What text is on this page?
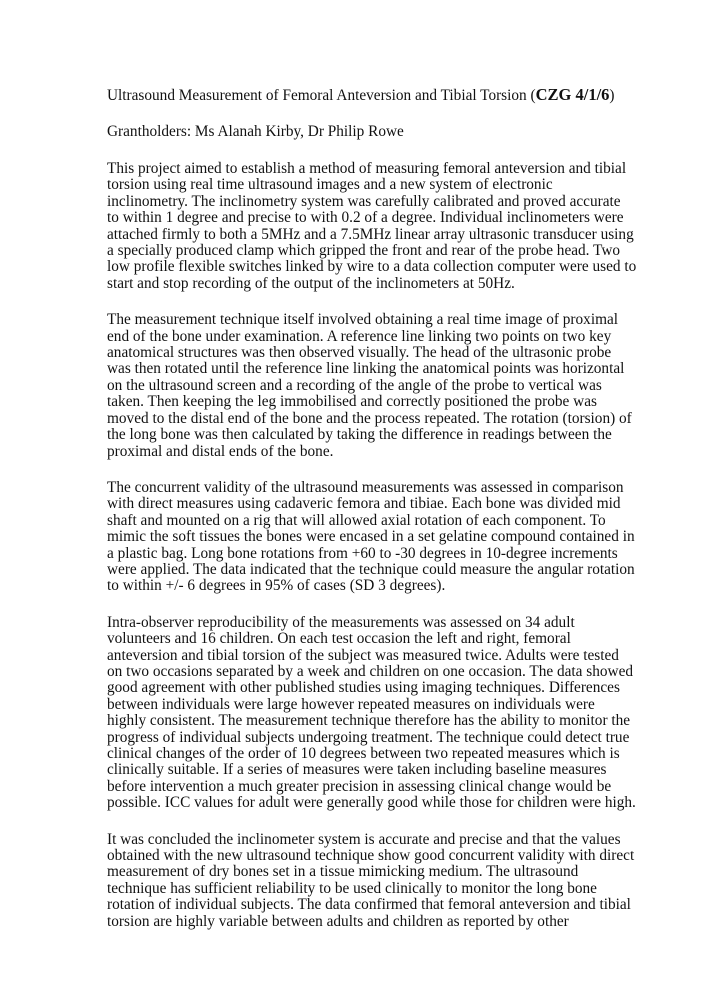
Ultrasound Measurement of Femoral Anteversion and Tibial Torsion (CZG 4/1/6)
Grantholders: Ms Alanah Kirby, Dr Philip Rowe
This project aimed to establish a method of measuring femoral anteversion and tibial
torsion using real time ultrasound images and a new system of electronic
inclinometry. The inclinometry system was carefully calibrated and proved accurate
to within 1 degree and precise to with 0.2 of a degree. Individual inclinometers were
attached firmly to both a 5MHz and a 7.5MHz linear array ultrasonic transducer using
a specially produced clamp which gripped the front and rear of the probe head. Two
low profile flexible switches linked by wire to a data collection computer were used to
start and stop recording of the output of the inclinometers at 50Hz.
The measurement technique itself involved obtaining a real time image of proximal
end of the bone under examination. A reference line linking two points on two key
anatomical structures was then observed visually. The head of the ultrasonic probe
was then rotated until the reference line linking the anatomical points was horizontal
on the ultrasound screen and a recording of the angle of the probe to vertical was
taken. Then keeping the leg immobilised and correctly positioned the probe was
moved to the distal end of the bone and the process repeated. The rotation (torsion) of
the long bone was then calculated by taking the difference in readings between the
proximal and distal ends of the bone.
The concurrent validity of the ultrasound measurements was assessed in comparison
with direct measures using cadaveric femora and tibiae. Each bone was divided mid
shaft and mounted on a rig that will allowed axial rotation of each component. To
mimic the soft tissues the bones were encased in a set gelatine compound contained in
a plastic bag. Long bone rotations from +60 to -30 degrees in 10-degree increments
were applied. The data indicated that the technique could measure the angular rotation
to within +/- 6 degrees in 95% of cases (SD 3 degrees).
Intra-observer reproducibility of the measurements was assessed on 34 adult
volunteers and 16 children. On each test occasion the left and right, femoral
anteversion and tibial torsion of the subject was measured twice. Adults were tested
on two occasions separated by a week and children on one occasion. The data showed
good agreement with other published studies using imaging techniques. Differences
between individuals were large however repeated measures on individuals were
highly consistent. The measurement technique therefore has the ability to monitor the
progress of individual subjects undergoing treatment. The technique could detect true
clinical changes of the order of 10 degrees between two repeated measures which is
clinically suitable. If a series of measures were taken including baseline measures
before intervention a much greater precision in assessing clinical change would be
possible. ICC values for adult were generally good while those for children were high.
It was concluded the inclinometer system is accurate and precise and that the values
obtained with the new ultrasound technique show good concurrent validity with direct
measurement of dry bones set in a tissue mimicking medium. The ultrasound
technique has sufficient reliability to be used clinically to monitor the long bone
rotation of individual subjects. The data confirmed that femoral anteversion and tibial
torsion are highly variable between adults and children as reported by other
